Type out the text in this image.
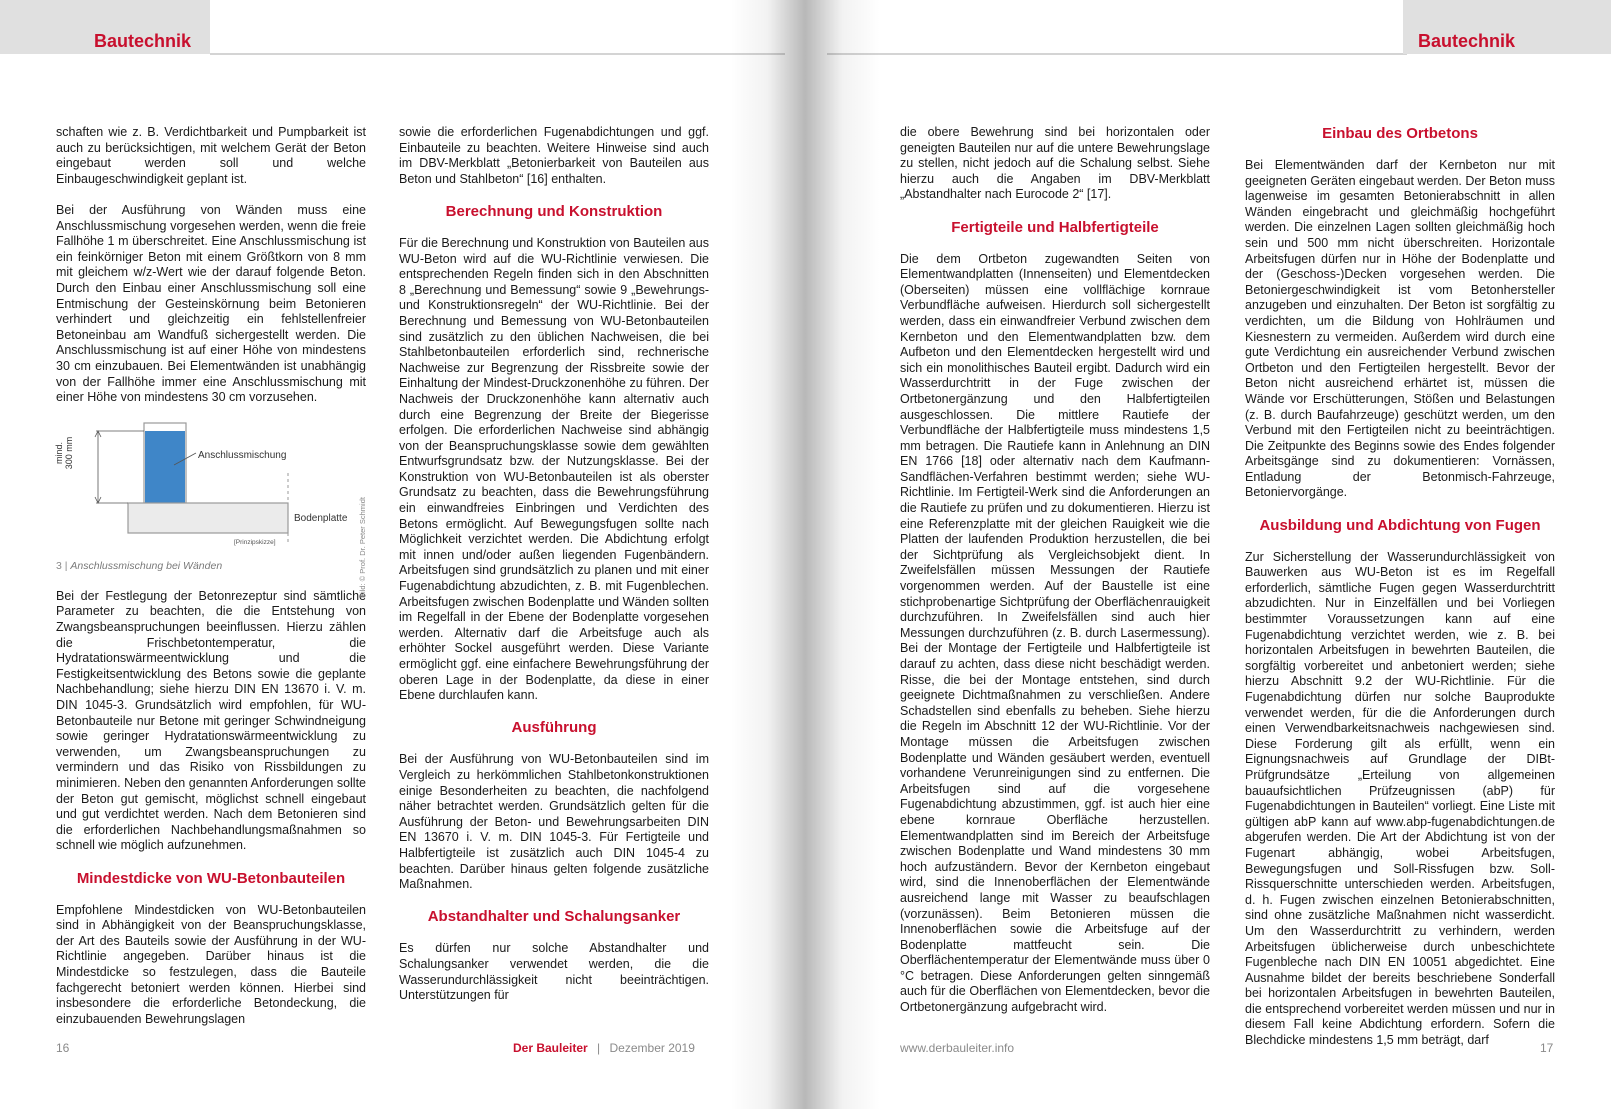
Bautechnik

schaften wie z. B. Verdichtbarkeit und Pumpbarkeit ist auch zu berücksichtigen, mit welchem Gerät der Beton eingebaut werden soll und welche Einbaugeschwindigkeit geplant ist.

Bei der Ausführung von Wänden muss eine Anschlussmischung vorgesehen werden, wenn die freie Fallhöhe 1 m überschreitet. Eine Anschlussmischung ist ein feinkörniger Beton mit einem Größtkorn von 8 mm mit gleichem w/z-Wert wie der darauf folgende Beton. Durch den Einbau einer Anschlussmischung soll eine Entmischung der Gesteinskörnung beim Betonieren verhindert und gleichzeitig ein fehlstellenfreier Betoneinbau am Wandfuß sichergestellt werden. Die Anschlussmischung ist auf einer Höhe von mindestens 30 cm einzubauen. Bei Elementwänden ist unabhängig von der Fallhöhe immer eine Anschlussmischung mit einer Höhe von mindestens 30 cm vorzusehen.

mind. 300 mm	Anschlussmischung
Bodenplatte
[Prinzipskizze]
3 | Anschlussmischung bei Wänden

Bei der Festlegung der Betonrezeptur sind sämtliche Parameter zu beachten, die die Entstehung von Zwangsbeanspruchungen beeinflussen. Hierzu zählen die Frischbetontemperatur, die Hydratationswärmeentwicklung und die Festigkeitsentwicklung des Betons sowie die geplante Nachbehandlung; siehe hierzu DIN EN 13670 i. V. m. DIN 1045-3. Grundsätzlich wird empfohlen, für WU-Betonbauteile nur Betone mit geringer Schwindneigung sowie geringer Hydratationswärmeentwicklung zu verwenden, um Zwangsbeanspruchungen zu vermindern und das Risiko von Rissbildungen zu minimieren. Neben den genannten Anforderungen sollte der Beton gut gemischt, möglichst schnell eingebaut und gut verdichtet werden. Nach dem Betonieren sind die erforderlichen Nachbehandlungsmaßnahmen so schnell wie möglich aufzunehmen.

Mindestdicke von WU-Betonbauteilen

Empfohlene Mindestdicken von WU-Betonbauteilen sind in Abhängigkeit von der Beanspruchungsklasse, der Art des Bauteils sowie der Ausführung in der WU-Richtlinie angegeben. Darüber hinaus ist die Mindestdicke so festzulegen, dass die Bauteile fachgerecht betoniert werden können. Hierbei sind insbesondere die erforderliche Betondeckung, die einzubauenden Bewehrungslagen

Bild: © Prof. Dr. Peter Schmidt

sowie die erforderlichen Fugenabdichtungen und ggf. Einbauteile zu beachten. Weitere Hinweise sind auch im DBV-Merkblatt „Betonierbarkeit von Bauteilen aus Beton und Stahlbeton“ [16] enthalten.

Berechnung und Konstruktion

Für die Berechnung und Konstruktion von Bauteilen aus WU-Beton wird auf die WU-Richtlinie verwiesen. Die entsprechenden Regeln finden sich in den Abschnitten 8 „Berechnung und Bemessung“ sowie 9 „Bewehrungs- und Konstruktionsregeln“ der WU-Richtlinie. Bei der Berechnung und Bemessung von WU-Betonbauteilen sind zusätzlich zu den üblichen Nachweisen, die bei Stahlbetonbauteilen erforderlich sind, rechnerische Nachweise zur Begrenzung der Rissbreite sowie der Einhaltung der Mindest-Druckzonenhöhe zu führen. Der Nachweis der Druckzonenhöhe kann alternativ auch durch eine Begrenzung der Breite der Biegerisse erfolgen. Die erforderlichen Nachweise sind abhängig von der Beanspruchungsklasse sowie dem gewählten Entwurfsgrundsatz bzw. der Nutzungsklasse. Bei der Konstruktion von WU-Betonbauteilen ist als oberster Grundsatz zu beachten, dass die Bewehrungsführung ein einwandfreies Einbringen und Verdichten des Betons ermöglicht. Auf Bewegungsfugen sollte nach Möglichkeit verzichtet werden. Die Abdichtung erfolgt mit innen und/oder außen liegenden Fugenbändern. Arbeitsfugen sind grundsätzlich zu planen und mit einer Fugenabdichtung abzudichten, z. B. mit Fugenblechen. Arbeitsfugen zwischen Bodenplatte und Wänden sollten im Regelfall in der Ebene der Bodenplatte vorgesehen werden. Alternativ darf die Arbeitsfuge auch als erhöhter Sockel ausgeführt werden. Diese Variante ermöglicht ggf. eine einfachere Bewehrungsführung der oberen Lage in der Bodenplatte, da diese in einer Ebene durchlaufen kann.

Ausführung

Bei der Ausführung von WU-Betonbauteilen sind im Vergleich zu herkömmlichen Stahlbetonkonstruktionen einige Besonderheiten zu beachten, die nachfolgend näher betrachtet werden. Grundsätzlich gelten für die Ausführung der Beton- und Bewehrungsarbeiten DIN EN 13670 i. V. m. DIN 1045-3. Für Fertigteile und Halbfertigteile ist zusätzlich auch DIN 1045-4 zu beachten. Darüber hinaus gelten folgende zusätzliche Maßnahmen.

Abstandhalter und Schalungsanker

Es dürfen nur solche Abstandhalter und Schalungsanker verwendet werden, die die Wasserundurchlässigkeit nicht beeinträchtigen. Unterstützungen für

16	Der Bauleiter | Dezember 2019
Bautechnik

die obere Bewehrung sind bei horizontalen oder geneigten Bauteilen nur auf die untere Bewehrungslage zu stellen, nicht jedoch auf die Schalung selbst. Siehe hierzu auch die Angaben im DBV-Merkblatt „Abstandhalter nach Eurocode 2“ [17].

Fertigteile und Halbfertigteile

Die dem Ortbeton zugewandten Seiten von Elementwandplatten (Innenseiten) und Elementdecken (Oberseiten) müssen eine vollflächige kornraue Verbundfläche aufweisen. Hierdurch soll sichergestellt werden, dass ein einwandfreier Verbund zwischen dem Kernbeton und den Elementwandplatten bzw. dem Aufbeton und den Elementdecken hergestellt wird und sich ein monolithisches Bauteil ergibt. Dadurch wird ein Wasserdurchtritt in der Fuge zwischen der Ortbetonergänzung und den Halbfertigteilen ausgeschlossen. Die mittlere Rautiefe der Verbundfläche der Halbfertigteile muss mindestens 1,5 mm betragen. Die Rautiefe kann in Anlehnung an DIN EN 1766 [18] oder alternativ nach dem Kaufmann-Sandflächen-Verfahren bestimmt werden; siehe WU-Richtlinie. Im Fertigteil-Werk sind die Anforderungen an die Rautiefe zu prüfen und zu dokumentieren. Hierzu ist eine Referenzplatte mit der gleichen Rauigkeit wie die Platten der laufenden Produktion herzustellen, die bei der Sichtprüfung als Vergleichsobjekt dient. In Zweifelsfällen müssen Messungen der Rautiefe vorgenommen werden. Auf der Baustelle ist eine stichprobenartige Sichtprüfung der Oberflächenrauigkeit durchzuführen. In Zweifelsfällen sind auch hier Messungen durchzuführen (z. B. durch Lasermessung). Bei der Montage der Fertigteile und Halbfertigteile ist darauf zu achten, dass diese nicht beschädigt werden. Risse, die bei der Montage entstehen, sind durch geeignete Dichtmaßnahmen zu verschließen. Andere Schadstellen sind ebenfalls zu beheben. Siehe hierzu die Regeln im Abschnitt 12 der WU-Richtlinie. Vor der Montage müssen die Arbeitsfugen zwischen Bodenplatte und Wänden gesäubert werden, eventuell vorhandene Verunreinigungen sind zu entfernen. Die Arbeitsfugen sind auf die vorgesehene Fugenabdichtung abzustimmen, ggf. ist auch hier eine ebene kornraue Oberfläche herzustellen. Elementwandplatten sind im Bereich der Arbeitsfuge zwischen Bodenplatte und Wand mindestens 30 mm hoch aufzuständern. Bevor der Kernbeton eingebaut wird, sind die Innenoberflächen der Elementwände ausreichend lange mit Wasser zu beaufschlagen (vorzunässen). Beim Betonieren müssen die Innenoberflächen sowie die Arbeitsfuge auf der Bodenplatte mattfeucht sein. Die Oberflächentemperatur der Elementwände muss über 0 °C betragen. Diese Anforderungen gelten sinngemäß auch für die Oberflächen von Elementdecken, bevor die Ortbetonergänzung aufgebracht wird.

Einbau des Ortbetons

Bei Elementwänden darf der Kernbeton nur mit geeigneten Geräten eingebaut werden. Der Beton muss lagenweise im gesamten Betonierabschnitt in allen Wänden eingebracht und gleichmäßig hochgeführt werden. Die einzelnen Lagen sollten gleichmäßig hoch sein und 500 mm nicht überschreiten. Horizontale Arbeitsfugen dürfen nur in Höhe der Bodenplatte und der (Geschoss-)Decken vorgesehen werden. Die Betoniergeschwindigkeit ist vom Betonhersteller anzugeben und einzuhalten. Der Beton ist sorgfältig zu verdichten, um die Bildung von Hohlräumen und Kiesnestern zu vermeiden. Außerdem wird durch eine gute Verdichtung ein ausreichender Verbund zwischen Ortbeton und den Fertigteilen hergestellt. Bevor der Beton nicht ausreichend erhärtet ist, müssen die Wände vor Erschütterungen, Stößen und Belastungen (z. B. durch Baufahrzeuge) geschützt werden, um den Verbund mit den Fertigteilen nicht zu beeinträchtigen. Die Zeitpunkte des Beginns sowie des Endes folgender Arbeitsgänge sind zu dokumentieren: Vornässen, Entladung der Betonmisch-Fahrzeuge, Betoniervorgänge.

Ausbildung und Abdichtung von Fugen

Zur Sicherstellung der Wasserundurchlässigkeit von Bauwerken aus WU-Beton ist es im Regelfall erforderlich, sämtliche Fugen gegen Wasserdurchtritt abzudichten. Nur in Einzelfällen und bei Vorliegen bestimmter Voraussetzungen kann auf eine Fugenabdichtung verzichtet werden, wie z. B. bei horizontalen Arbeitsfugen in bewehrten Bauteilen, die sorgfältig vorbereitet und anbetoniert werden; siehe hierzu Abschnitt 9.2 der WU-Richtlinie. Für die Fugenabdichtung dürfen nur solche Bauprodukte verwendet werden, für die die Anforderungen durch einen Verwendbarkeitsnachweis nachgewiesen sind. Diese Forderung gilt als erfüllt, wenn ein Eignungsnachweis auf Grundlage der DIBt-Prüfgrundsätze „Erteilung von allgemeinen bauaufsichtlichen Prüfzeugnissen (abP) für Fugenabdichtungen in Bauteilen“ vorliegt. Eine Liste mit gültigen abP kann auf www.abp-fugenabdichtungen.de abgerufen werden. Die Art der Abdichtung ist von der Fugenart abhängig, wobei Arbeitsfugen, Bewegungsfugen und Soll-Rissfugen bzw. Soll-Rissquerschnitte unterschieden werden. Arbeitsfugen, d. h. Fugen zwischen einzelnen Betonierabschnitten, sind ohne zusätzliche Maßnahmen nicht wasserdicht. Um den Wasserdurchtritt zu verhindern, werden Arbeitsfugen üblicherweise durch unbeschichtete Fugenbleche nach DIN EN 10051 abgedichtet. Eine Ausnahme bildet der bereits beschriebene Sonderfall bei horizontalen Arbeitsfugen in bewehrten Bauteilen, die entsprechend vorbereitet werden müssen und nur in diesem Fall keine Abdichtung erfordern. Sofern die Blechdicke mindestens 1,5 mm beträgt, darf

www.derbauleiter.info	17
